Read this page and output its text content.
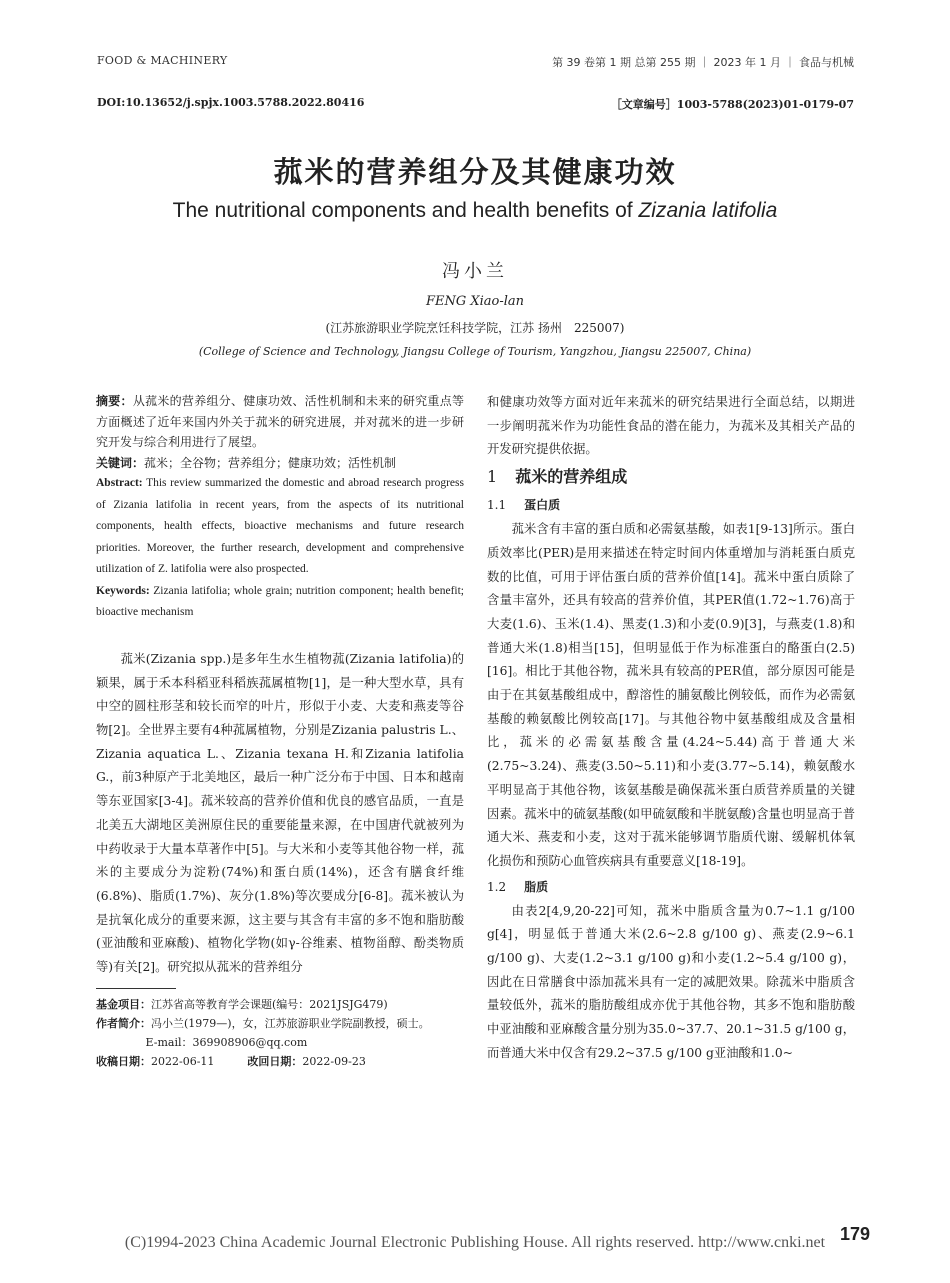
FOOD & MACHINERY	第 39 卷第 1 期 总第 255 期 ｜ 2023 年 1 月 ｜ 食品与机械
DOI:10.13652/j.spjx.1003.5788.2022.80416	［文章编号］1003-5788(2023)01-0179-07
菰米的营养组分及其健康功效
The nutritional components and health benefits of Zizania latifolia
冯小兰
FENG Xiao-lan
(江苏旅游职业学院烹饪科技学院，江苏 扬州　225007)
(College of Science and Technology, Jiangsu College of Tourism, Yangzhou, Jiangsu 225007, China)
摘要：从菰米的营养组分、健康功效、活性机制和未来的研究重点等方面概述了近年来国内外关于菰米的研究进展，并对菰米的进一步研究开发与综合利用进行了展望。
关键词：菰米；全谷物；营养组分；健康功效；活性机制
Abstract: This review summarized the domestic and abroad research progress of Zizania latifolia in recent years, from the aspects of its nutritional components, health effects, bioactive mechanisms and future research priorities. Moreover, the further research, development and comprehensive utilization of Z. latifolia were also prospected.
Keywords: Zizania latifolia; whole grain; nutrition component; health benefit; bioactive mechanism

菰米(Zizania spp.)是多年生水生植物菰(Zizania latifolia)的颖果，属于禾本科稻亚科稻族菰属植物[1]，是一种大型水草，具有中空的圆柱形茎和较长而窄的叶片，形似于小麦、大麦和燕麦等谷物[2]。全世界主要有4种菰属植物，分别是Zizania palustris L.、Zizania aquatica L.、Zizania texana H.和Zizania latifolia G.，前3种原产于北美地区，最后一种广泛分布于中国、日本和越南等东亚国家[3-4]。菰米较高的营养价值和优良的感官品质，一直是北美五大湖地区美洲原住民的重要能量来源，在中国唐代就被列为中药收录于大量本草著作中[5]。与大米和小麦等其他谷物一样，菰米的主要成分为淀粉(74%)和蛋白质(14%)，还含有膳食纤维(6.8%)、脂质(1.7%)、灰分(1.8%)等次要成分[6-8]。菰米被认为是抗氧化成分的重要来源，这主要与其含有丰富的多不饱和脂肪酸(亚油酸和亚麻酸)、植物化学物(如γ-谷维素、植物甾醇、酚类物质等)有关[2]。研究拟从菰米的营养组分

基金项目：江苏省高等教育学会课题(编号：2021JSJG479)
作者简介：冯小兰(1979—)，女，江苏旅游职业学院副教授，硕士。
E-mail：369908906@qq.com
收稿日期：2022-06-11	改回日期：2022-09-23

和健康功效等方面对近年来菰米的研究结果进行全面总结，以期进一步阐明菰米作为功能性食品的潜在能力，为菰米及其相关产品的开发研究提供依据。

1 菰米的营养组成
1.1 蛋白质

菰米含有丰富的蛋白质和必需氨基酸，如表1[9-13]所示。蛋白质效率比(PER)是用来描述在特定时间内体重增加与消耗蛋白质克数的比值，可用于评估蛋白质的营养价值[14]。菰米中蛋白质除了含量丰富外，还具有较高的营养价值，其PER值(1.72~1.76)高于大麦(1.6)、玉米(1.4)、黑麦(1.3)和小麦(0.9)[3]，与燕麦(1.8)和普通大米(1.8)相当[15]，但明显低于作为标准蛋白的酪蛋白(2.5)[16]。相比于其他谷物，菰米具有较高的PER值，部分原因可能是由于在其氨基酸组成中，醇溶性的脯氨酸比例较低，而作为必需氨基酸的赖氨酸比例较高[17]。与其他谷物中氨基酸组成及含量相比，菰米的必需氨基酸含量(4.24~5.44)高于普通大米(2.75~3.24)、燕麦(3.50~5.11)和小麦(3.77~5.14)，赖氨酸水平明显高于其他谷物，该氨基酸是确保菰米蛋白质营养质量的关键因素。菰米中的硫氨基酸(如甲硫氨酸和半胱氨酸)含量也明显高于普通大米、燕麦和小麦，这对于菰米能够调节脂质代谢、缓解机体氧化损伤和预防心血管疾病具有重要意义[18-19]。

1.2 脂质

由表2[4,9,20-22]可知，菰米中脂质含量为0.7~1.1 g/100 g[4]，明显低于普通大米(2.6~2.8 g/100 g)、燕麦(2.9~6.1 g/100 g)、大麦(1.2~3.1 g/100 g)和小麦(1.2~5.4 g/100 g)，因此在日常膳食中添加菰米具有一定的减肥效果。除菰米中脂质含量较低外，菰米的脂肪酸组成亦优于其他谷物，其多不饱和脂肪酸中亚油酸和亚麻酸含量分别为35.0~37.7、20.1~31.5 g/100 g，而普通大米中仅含有29.2~37.5 g/100 g亚油酸和1.0~

179
(C)1994-2023 China Academic Journal Electronic Publishing House. All rights reserved. http://www.cnki.net
